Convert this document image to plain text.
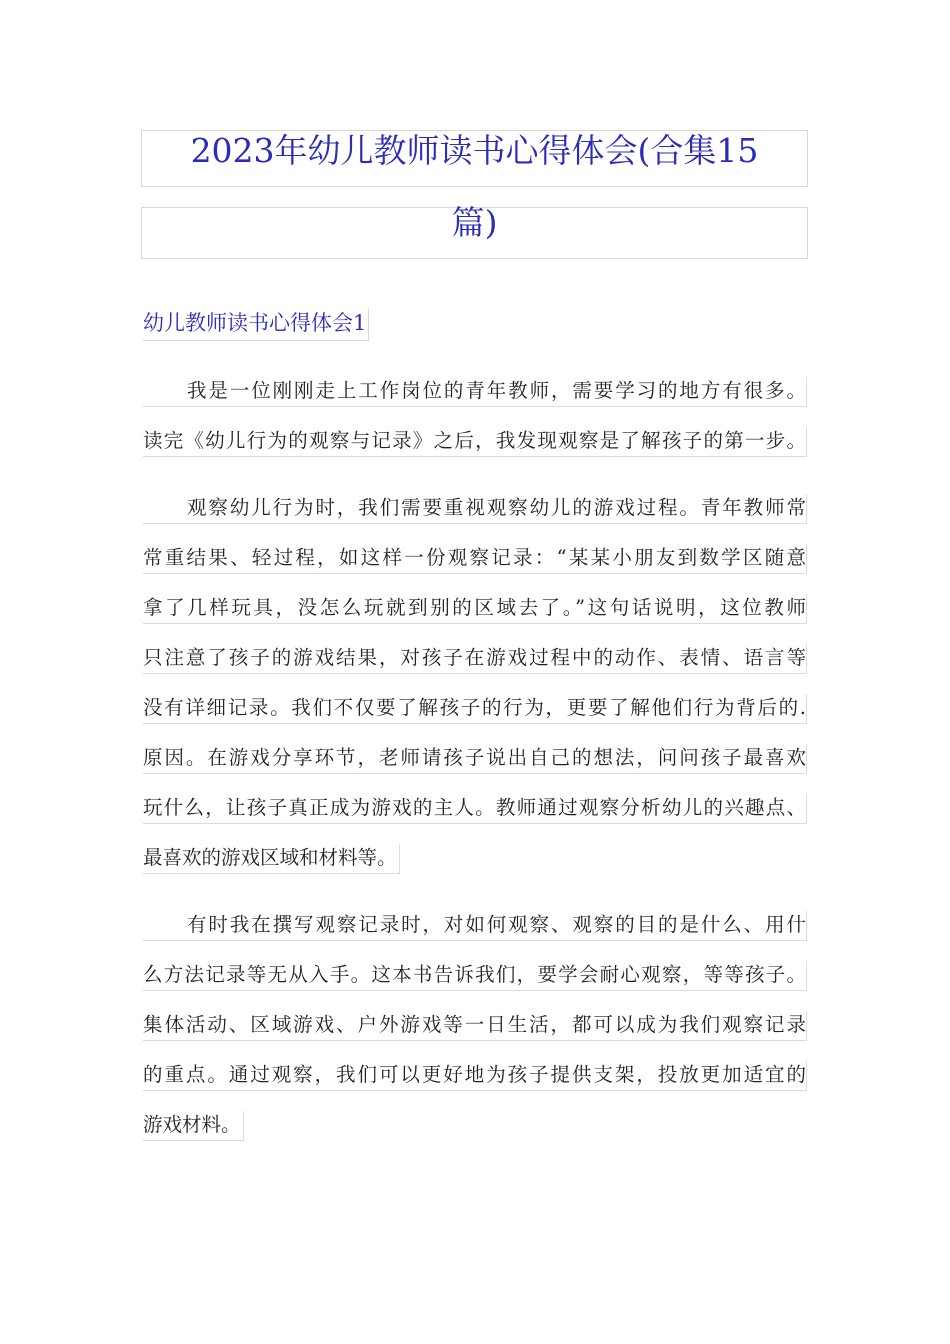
2023年幼儿教师读书心得体会(合集15
篇)
幼儿教师读书心得体会1
我是一位刚刚走上工作岗位的青年教师，需要学习的地方有很多。
读完《幼儿行为的观察与记录》之后，我发现观察是了解孩子的第一步。
观察幼儿行为时，我们需要重视观察幼儿的游戏过程。青年教师常
常重结果、轻过程，如这样一份观察记录：“某某小朋友到数学区随意
拿了几样玩具，没怎么玩就到别的区域去了。”这句话说明，这位教师
只注意了孩子的游戏结果，对孩子在游戏过程中的动作、表情、语言等
没有详细记录。我们不仅要了解孩子的行为，更要了解他们行为背后的.
原因。在游戏分享环节，老师请孩子说出自己的想法，问问孩子最喜欢
玩什么，让孩子真正成为游戏的主人。教师通过观察分析幼儿的兴趣点、
最喜欢的游戏区域和材料等。
有时我在撰写观察记录时，对如何观察、观察的目的是什么、用什
么方法记录等无从入手。这本书告诉我们，要学会耐心观察，等等孩子。
集体活动、区域游戏、户外游戏等一日生活，都可以成为我们观察记录
的重点。通过观察，我们可以更好地为孩子提供支架，投放更加适宜的
游戏材料。
